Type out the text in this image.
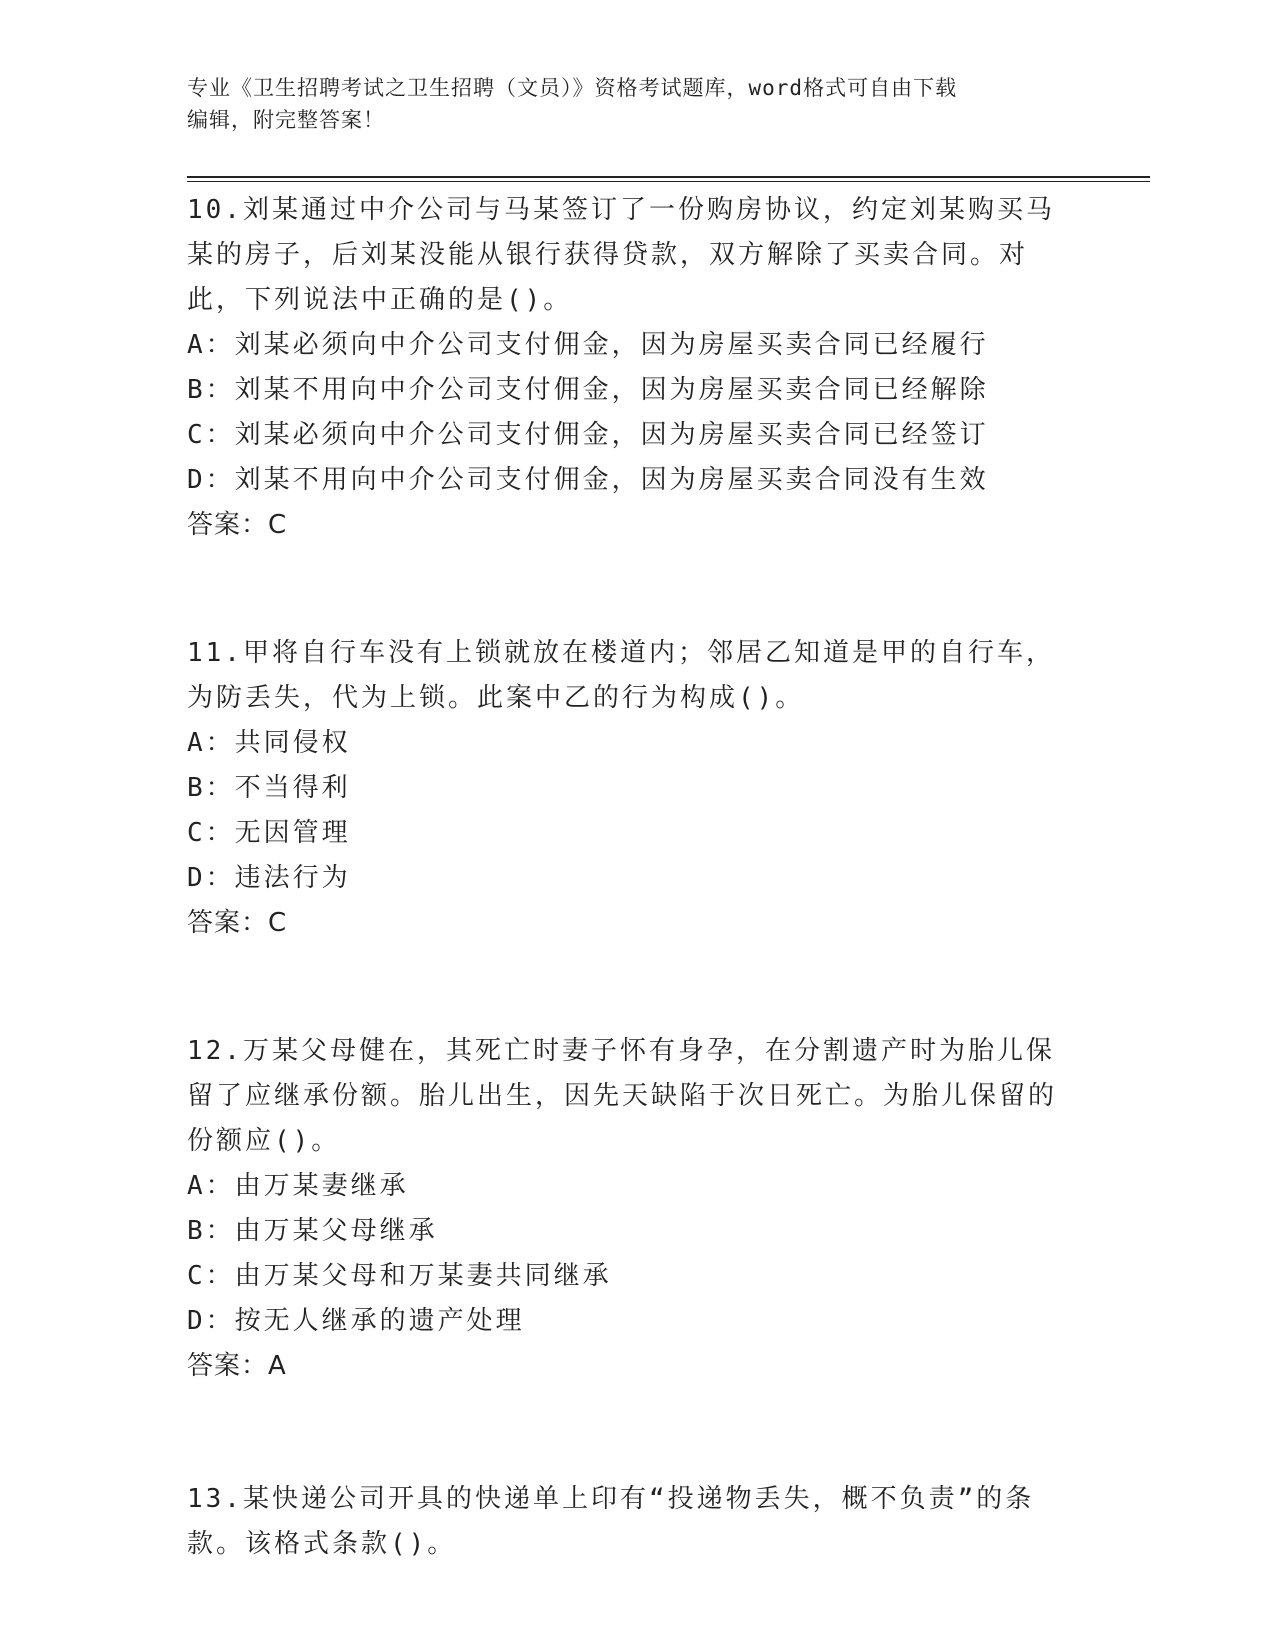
专业《卫生招聘考试之卫生招聘（文员）》资格考试题库，word格式可自由下载
编辑，附完整答案！
10.刘某通过中介公司与马某签订了一份购房协议，约定刘某购买马某的房子，后刘某没能从银行获得贷款，双方解除了买卖合同。对此，下列说法中正确的是()。
A：刘某必须向中介公司支付佣金，因为房屋买卖合同已经履行
B：刘某不用向中介公司支付佣金，因为房屋买卖合同已经解除
C：刘某必须向中介公司支付佣金，因为房屋买卖合同已经签订
D：刘某不用向中介公司支付佣金，因为房屋买卖合同没有生效
答案：C
11.甲将自行车没有上锁就放在楼道内；邻居乙知道是甲的自行车，为防丢失，代为上锁。此案中乙的行为构成()。
A：共同侵权
B：不当得利
C：无因管理
D：违法行为
答案：C
12.万某父母健在，其死亡时妻子怀有身孕，在分割遗产时为胎儿保留了应继承份额。胎儿出生，因先天缺陷于次日死亡。为胎儿保留的份额应()。
A：由万某妻继承
B：由万某父母继承
C：由万某父母和万某妻共同继承
D：按无人继承的遗产处理
答案：A
13.某快递公司开具的快递单上印有“投递物丢失，概不负责”的条款。该格式条款()。
